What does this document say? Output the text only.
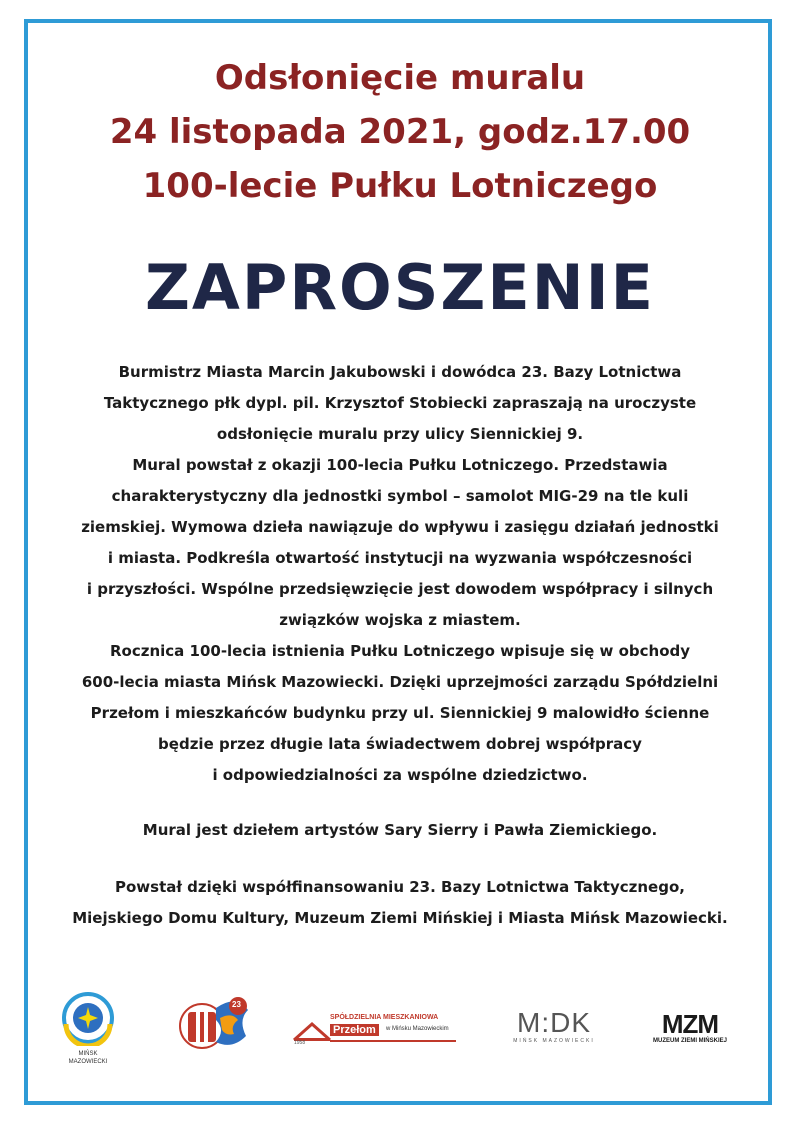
Odsłonięcie muralu
24 listopada 2021, godz.17.00
100-lecie Pułku Lotniczego
ZAPROSZENIE
Burmistrz Miasta Marcin Jakubowski i dowódca 23. Bazy Lotnictwa
Taktycznego płk dypl. pil. Krzysztof Stobiecki zapraszają na uroczyste
odsłonięcie muralu przy ulicy Siennickiej 9.
Mural powstał z okazji 100-lecia Pułku Lotniczego. Przedstawia
charakterystyczny dla jednostki symbol – samolot MIG-29 na tle kuli
ziemskiej. Wymowa dzieła nawiązuje do wpływu i zasięgu działań jednostki
i miasta. Podkreśla otwartość instytucji na wyzwania współczesności
i przyszłości. Wspólne przedsięwzięcie jest dowodem współpracy i silnych
związków wojska z miastem.
Rocznica 100-lecia istnienia Pułku Lotniczego wpisuje się w obchody
600-lecia miasta Mińsk Mazowiecki. Dzięki uprzejmości zarządu Spółdzielni
Przełom i mieszkańców budynku przy ul. Siennickiej 9 malowidło ścienne
będzie przez długie lata świadectwem dobrej współpracy
i odpowiedzialności za wspólne dziedzictwo.
Mural jest dziełem artystów Sary Sierry i Pawła Ziemickiego.
Powstał dzięki współfinansowaniu 23. Bazy Lotnictwa Taktycznego,
Miejskiego Domu Kultury, Muzeum Ziemi Mińskiej i Miasta Mińsk Mazowiecki.
MIŃSK
MAZOWIECKI
23
SPÓŁDZIELNIA MIESZKANIOWA
Przełom	w Mińsku Mazowieckim
1958
M:DK
MIŃSK MAZOWIECKI
MZM
MUZEUM ZIEMI MIŃSKIEJ
